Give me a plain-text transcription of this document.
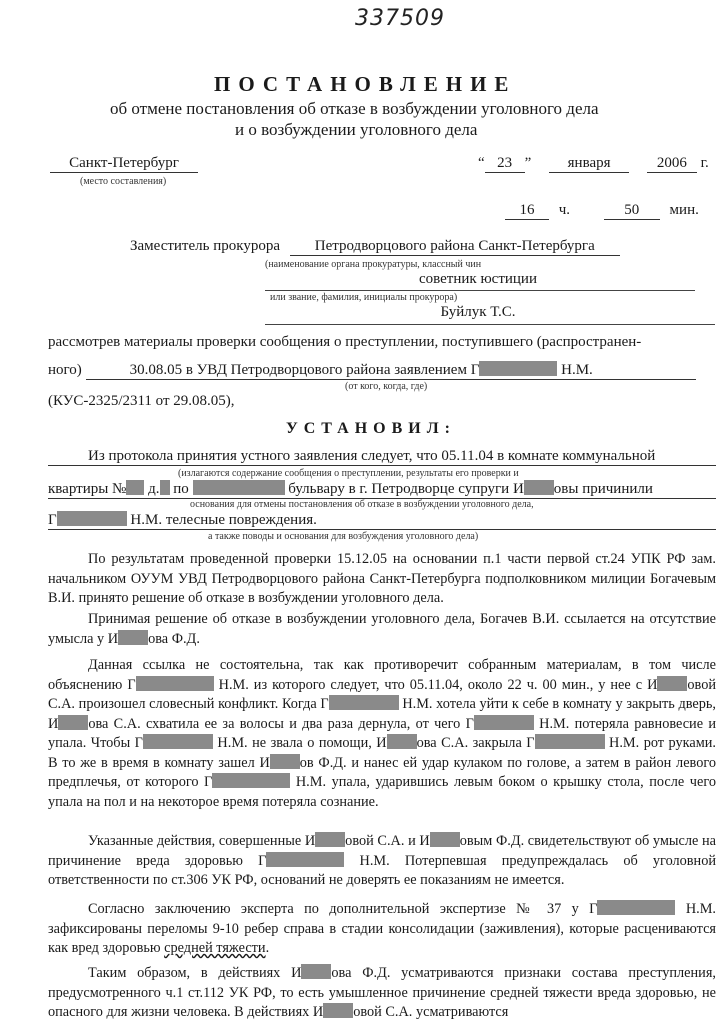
337509
ПОСТАНОВЛЕНИЕ
об отмене постановления об отказе в возбуждении уголовного дела
и о возбуждении уголовного дела
Санкт-Петербург
(место составления)
“ 23 ” января	2006 г.
16 ч.	50 мин.
Заместитель прокурора Петродворцового района Санкт-Петербурга
(наименование органа прокуратуры, классный чин
советник юстиции
или звание, фамилия, инициалы прокурора)
Буйлук Т.С.
рассмотрев материалы проверки сообщения о преступлении, поступившего (распространен-
ного)	30.08.05 в УВД Петродворцового района заявлением Г	Н.М.
(от кого, когда, где)
(КУС-2325/2311 от 29.08.05),
УСТАНОВИЛ:
Из протокола принятия устного заявления следует, что 05.11.04 в комнате коммунальной
(излагаются содержание сообщения о преступлении, результаты его проверки и
квартиры № д. по	бульвару в г. Петродворце супруги И овы причинили
основания для отмены постановления об отказе в возбуждении уголовного дела,
Г	Н.М. телесные повреждения.
а также поводы и основания для возбуждения уголовного дела)
По результатам проведенной проверки 15.12.05 на основании п.1 части первой ст.24 УПК РФ зам. начальником ОУУМ УВД Петродворцового района Санкт-Петербурга подполковником милиции Богачевым В.И. принято решение об отказе в возбуждении уголовного дела.
Принимая решение об отказе в возбуждении уголовного дела, Богачев В.И. ссылается на отсутствие умысла у И ова Ф.Д.
Данная ссылка не состоятельна, так как противоречит собранным материалам, в том числе объяснению Г	Н.М. из которого следует, что 05.11.04, около 22 ч. 00 мин., у нее с И овой С.А. произошел словесный конфликт. Когда Г	Н.М. хотела уйти к себе в комнату у закрыть дверь, И ова С.А. схватила ее за волосы и два раза дернула, от чего Г	Н.М. потеряла равновесие и упала. Чтобы Г	Н.М. не звала о помощи, И ова С.А. закрыла Г	Н.М. рот руками. В то же в время в комнату зашел И ов Ф.Д. и нанес ей удар кулаком по голове, а затем в район левого предплечья, от которого Г	Н.М. упала, ударившись левым боком о крышку стола, после чего упала на пол и на некоторое время потеряла сознание.
Указанные действия, совершенные И овой С.А. и И овым Ф.Д. свидетельствуют об умысле на причинение вреда здоровью Г	Н.М. Потерпевшая предупреждалась об уголовной ответственности по ст.306 УК РФ, оснований не доверять ее показаниям не имеется.
Согласно заключению эксперта по дополнительной экспертизе № 37 у Г	Н.М. зафиксированы переломы 9-10 ребер справа в стадии консолидации (заживления), которые расцениваются как вред здоровью средней тяжести.
Таким образом, в действиях И ова Ф.Д. усматриваются признаки состава преступления, предусмотренного ч.1 ст.112 УК РФ, то есть умышленное причинение средней тяжести вреда здоровью, не опасного для жизни человека. В действиях И овой С.А. усматриваются
